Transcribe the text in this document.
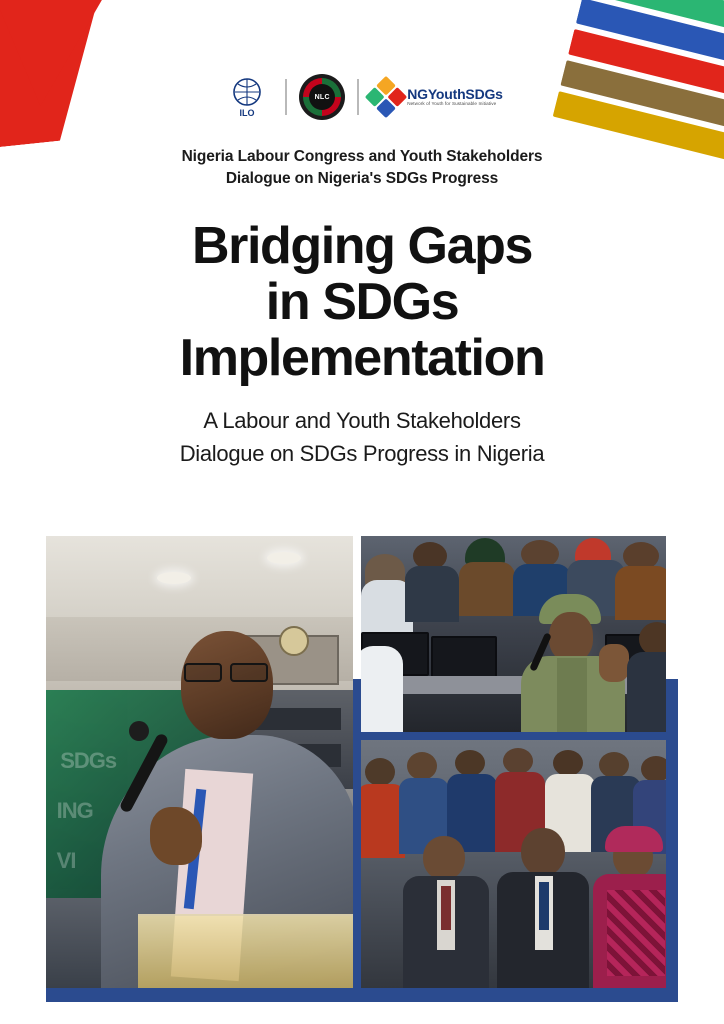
ILO
NLC	NGYouthSDGs
Network of Youth for Sustainable Initiative
Nigeria Labour Congress and Youth Stakeholders
Dialogue on Nigeria's SDGs Progress
Bridging Gaps
in SDGs
Implementation
A Labour and Youth Stakeholders
Dialogue on SDGs Progress in Nigeria
SDGs
ING
VI
